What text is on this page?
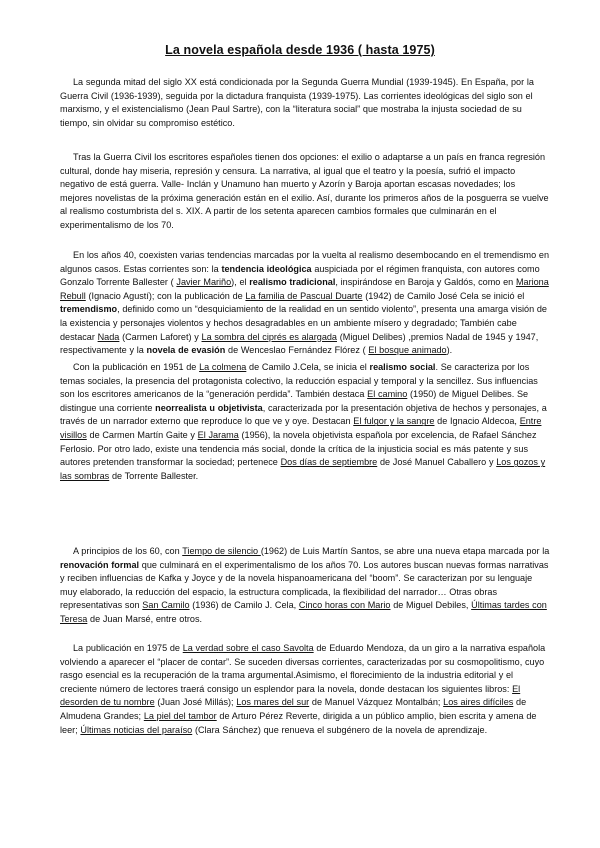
La novela española desde 1936 ( hasta 1975)
La segunda mitad del siglo XX está condicionada por la Segunda Guerra Mundial (1939-1945). En España, por la Guerra Civil (1936-1939), seguida por la dictadura franquista (1939-1975). Las corrientes ideológicas del siglo son el marxismo, y el existencialismo (Jean Paul Sartre), con la “literatura social” que mostraba la injusta sociedad de su tiempo, sin olvidar su compromiso estético.
Tras la Guerra Civil los escritores españoles tienen dos opciones: el exilio o adaptarse a un país en franca regresión cultural, donde hay miseria, represión y censura. La narrativa, al igual que el teatro y la poesía, sufrió el impacto negativo de está guerra. Valle- Inclán y Unamuno han muerto y Azorín y Baroja aportan escasas novedades; los mejores novelistas de la próxima generación están en el exilio. Así, durante los primeros años de la posguerra se vuelve al realismo costumbrista del s. XIX. A partir de los setenta aparecen cambios formales que culminarán en el experimentalismo de los 70.
En los años 40, coexisten varias tendencias marcadas por la vuelta al realismo desembocando en el tremendismo en algunos casos. Estas corrientes son: la tendencia ideológica auspiciada por el régimen franquista, con autores como Gonzalo Torrente Ballester ( Javier Mariño), el realismo tradicional, inspirándose en Baroja y Galdós, como en Mariona Rebull (Ignacio Agustí); con la publicación de La familia de Pascual Duarte (1942) de Camilo José Cela se inició el tremendismo, definido como un “desquiciamiento de la realidad en un sentido violento”, presenta una amarga visión de la existencia y personajes violentos y hechos desagradables en un ambiente mísero y degradado; También cabe destacar Nada (Carmen Laforet) y La sombra del ciprés es alargada (Miguel Delibes) ,premios Nadal de 1945 y 1947, respectivamente y la novela de evasión de Wenceslao Fernández Flórez ( El bosque animado).
Con la publicación en 1951 de La colmena de Camilo J.Cela, se inicia el realismo social. Se caracteriza por los temas sociales, la presencia del protagonista colectivo, la reducción espacial y temporal y la sencillez. Sus influencias son los escritores americanos de la “generación perdida”. También destaca El camino (1950) de Miguel Delibes. Se distingue una corriente neorrealista u objetivista, caracterizada por la presentación objetiva de hechos y personajes, a través de un narrador externo que reproduce lo que ve y oye. Destacan El fulgor y la sangre de Ignacio Aldecoa, Entre visillos de Carmen Martín Gaite y El Jarama (1956), la novela objetivista española por excelencia, de Rafael Sánchez Ferlosio. Por otro lado, existe una tendencia más social, donde la crítica de la injusticia social es más patente y sus autores pretenden transformar la sociedad; pertenece Dos días de septiembre de José Manuel Caballero y Los gozos y las sombras de Torrente Ballester.
A principios de los 60, con Tiempo de silencio (1962) de Luis Martín Santos, se abre una nueva etapa marcada por la renovación formal que culminará en el experimentalismo de los años 70. Los autores buscan nuevas formas narrativas y reciben influencias de Kafka y Joyce y de la novela hispanoamericana del “boom”. Se caracterizan por su lenguaje muy elaborado, la reducción del espacio, la estructura complicada, la flexibilidad del narrador… Otras obras representativas son San Camilo (1936) de Camilo J. Cela, Cinco horas con Mario de Miguel Debiles, Últimas tardes con Teresa de Juan Marsé, entre otros.
La publicación en 1975 de La verdad sobre el caso Savolta de Eduardo Mendoza, da un giro a la narrativa española volviendo a aparecer el “placer de contar”. Se suceden diversas corrientes, caracterizadas por su cosmopolitismo, cuyo rasgo esencial es la recuperación de la trama argumental.Asimismo, el florecimiento de la industria editorial y el creciente número de lectores traerá consigo un esplendor para la novela, donde destacan los siguientes libros: El desorden de tu nombre (Juan José Millás); Los mares del sur de Manuel Vázquez Montalbán; Los aires difíciles de Almudena Grandes; La piel del tambor de Arturo Pérez Reverte, dirigida a un público amplio, bien escrita y amena de leer; Últimas noticias del paraíso (Clara Sánchez) que renueva el subgénero de la novela de aprendizaje.
